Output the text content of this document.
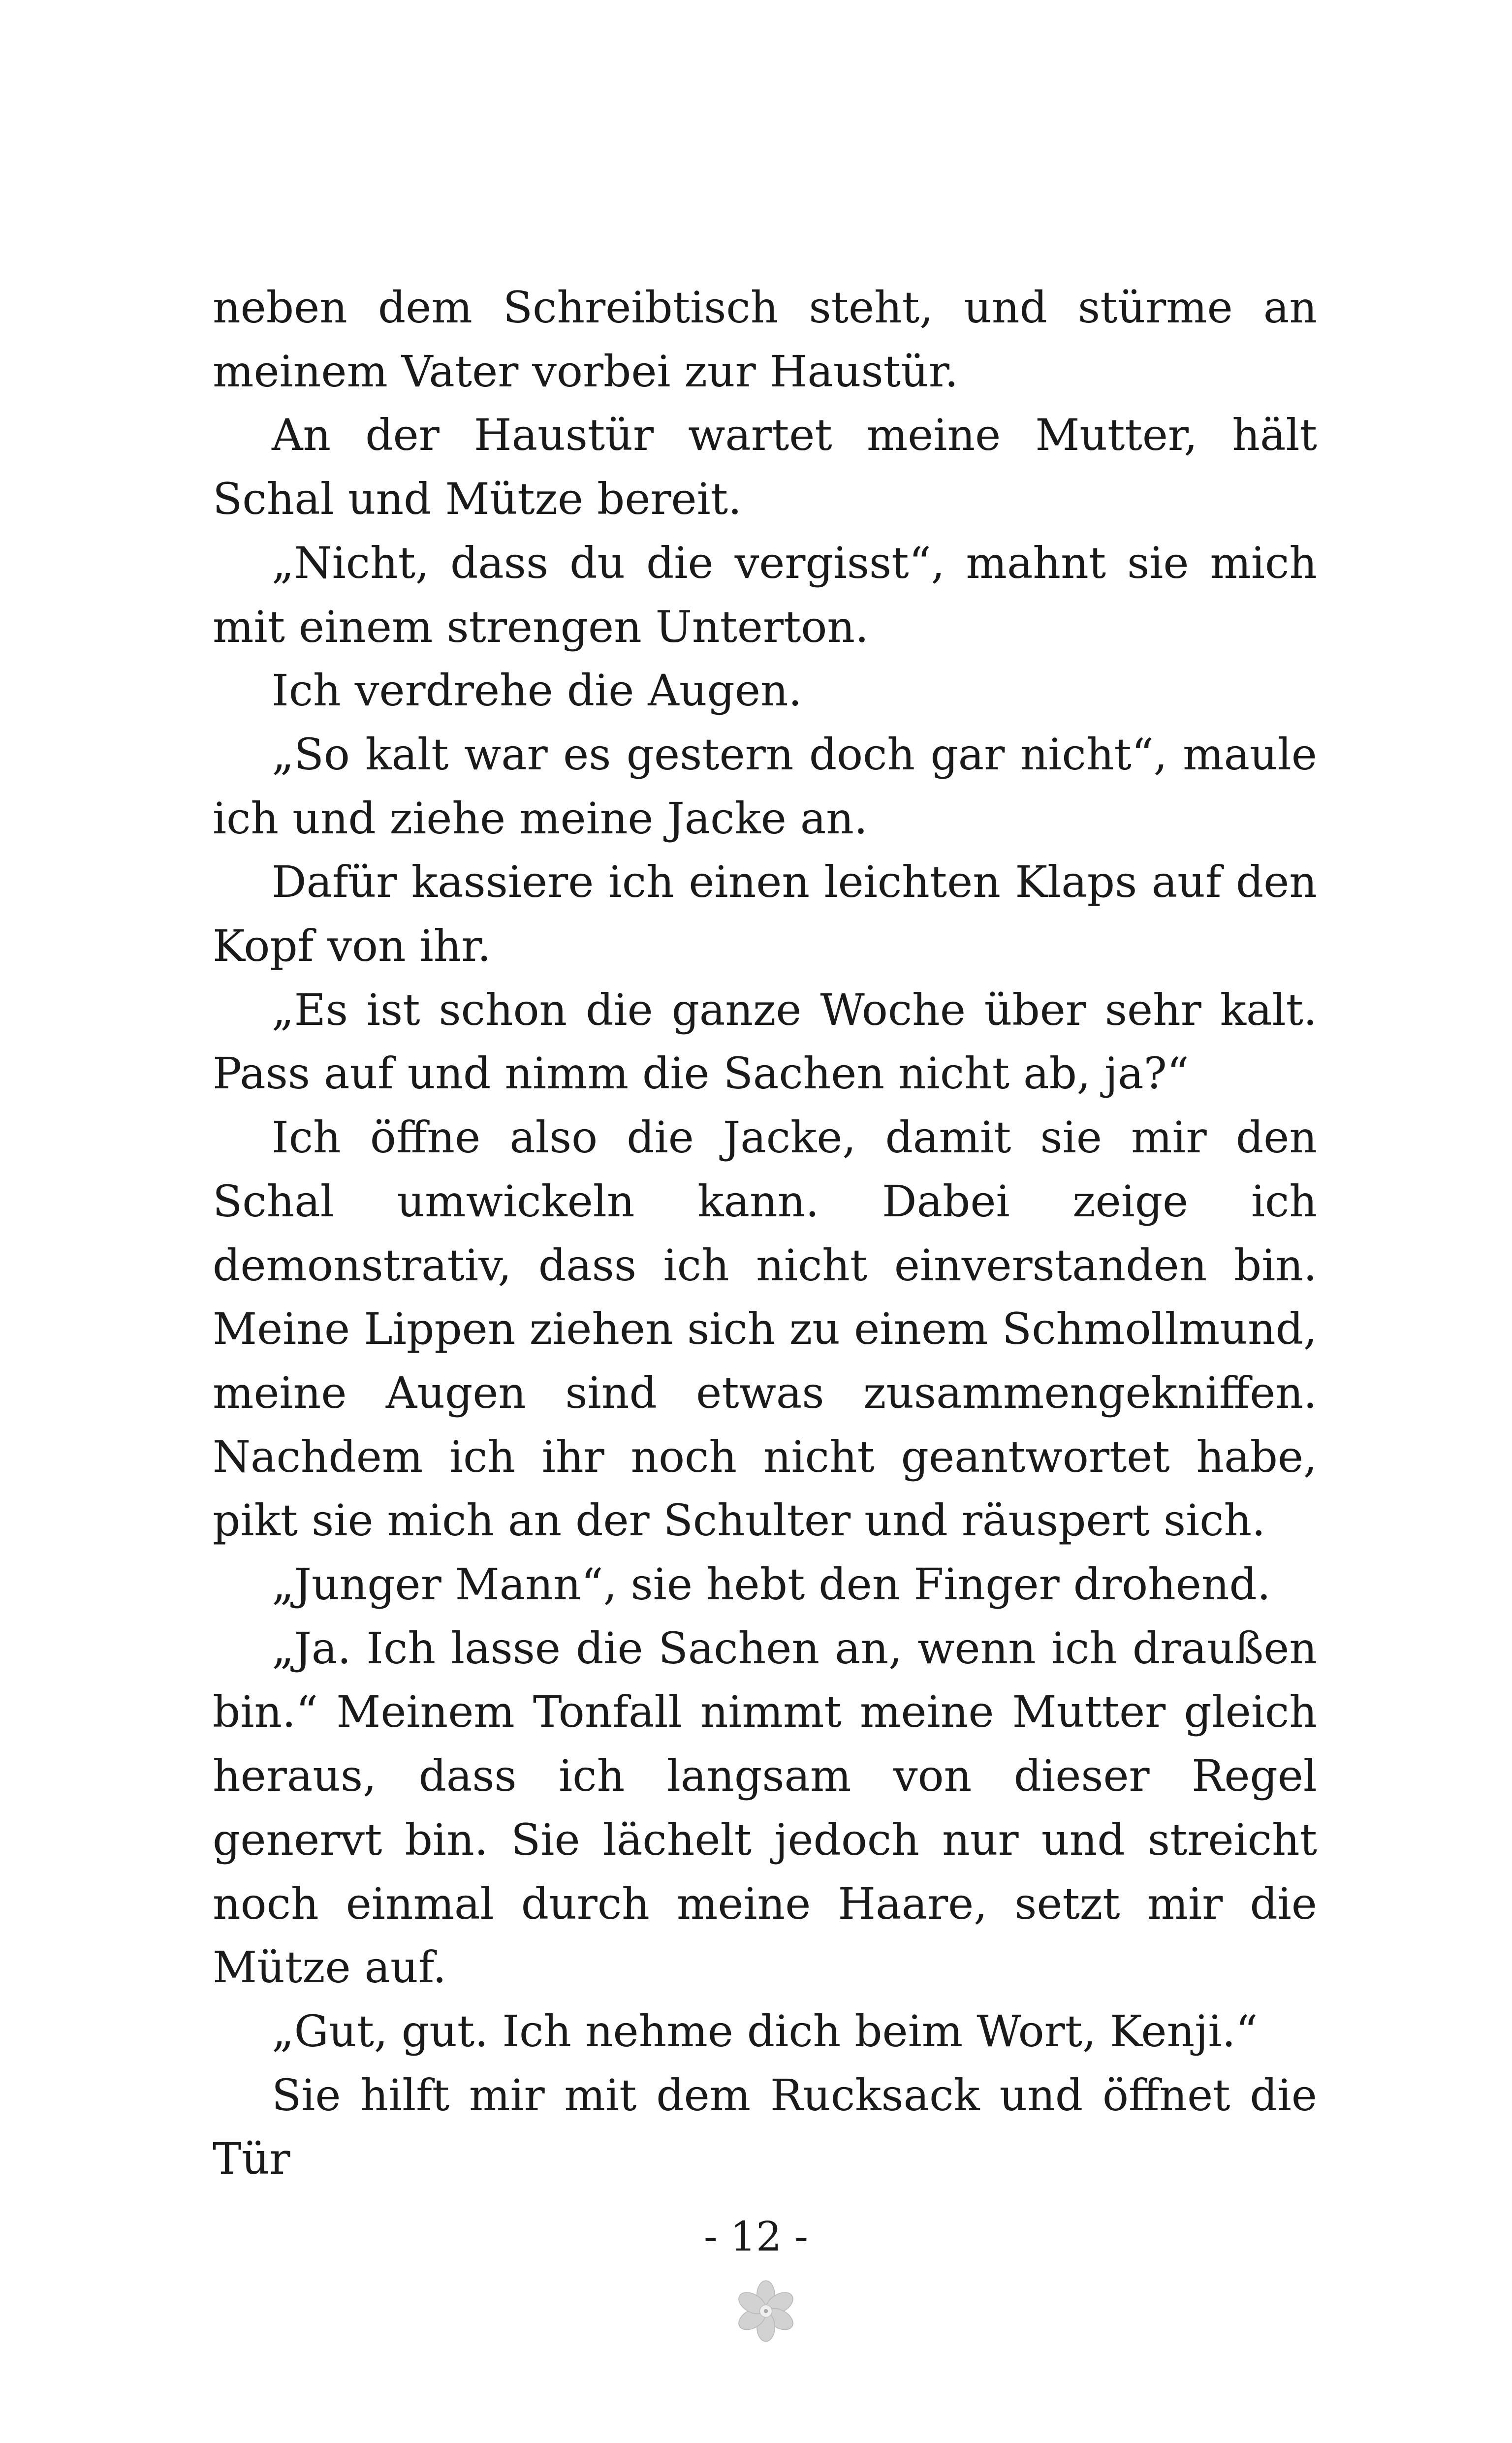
neben dem Schreibtisch steht, und stürme an meinem Vater vorbei zur Haustür.

An der Haustür wartet meine Mutter, hält Schal und Mütze bereit.

„Nicht, dass du die vergisst“, mahnt sie mich mit einem strengen Unterton.

Ich verdrehe die Augen.

„So kalt war es gestern doch gar nicht“, maule ich und ziehe meine Jacke an.

Dafür kassiere ich einen leichten Klaps auf den Kopf von ihr.

„Es ist schon die ganze Woche über sehr kalt. Pass auf und nimm die Sachen nicht ab, ja?“

Ich öffne also die Jacke, damit sie mir den Schal umwickeln kann. Dabei zeige ich demonstrativ, dass ich nicht einverstanden bin. Meine Lippen ziehen sich zu einem Schmollmund, meine Augen sind etwas zusammengekniffen. Nachdem ich ihr noch nicht geantwortet habe, pikt sie mich an der Schulter und räuspert sich.

„Junger Mann“, sie hebt den Finger drohend.

„Ja. Ich lasse die Sachen an, wenn ich draußen bin.“ Meinem Tonfall nimmt meine Mutter gleich heraus, dass ich langsam von dieser Regel genervt bin. Sie lächelt jedoch nur und streicht noch einmal durch meine Haare, setzt mir die Mütze auf.

„Gut, gut. Ich nehme dich beim Wort, Kenji.“

Sie hilft mir mit dem Rucksack und öffnet die Tür

- 12 -
